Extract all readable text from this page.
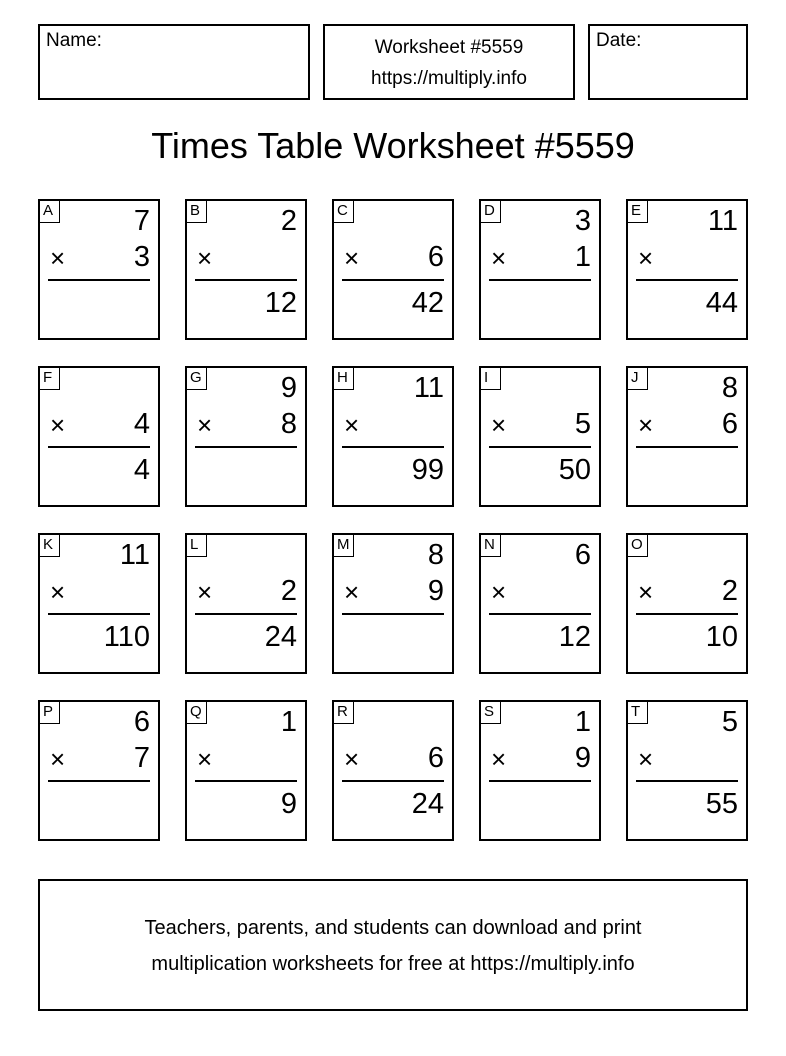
Name:	Worksheet #5559
https://multiply.info
Date:
Times Table Worksheet #5559
A	7
× 3
B	2
×
12
C
× 6
42
D	3
× 1
E 11
×
44
F
× 4
4
G	9
× 8
H 11
×
99
I
× 5
50
J	8
× 6
K 11
×
110
L
× 2
24
M	8
× 9
N	6
×
12
O
× 2
10
P	6
× 7
Q	1
×
9
R
× 6
24
S	1
× 9
T	5
×
55
Teachers, parents, and students can download and print
multiplication worksheets for free at https://multiply.info
